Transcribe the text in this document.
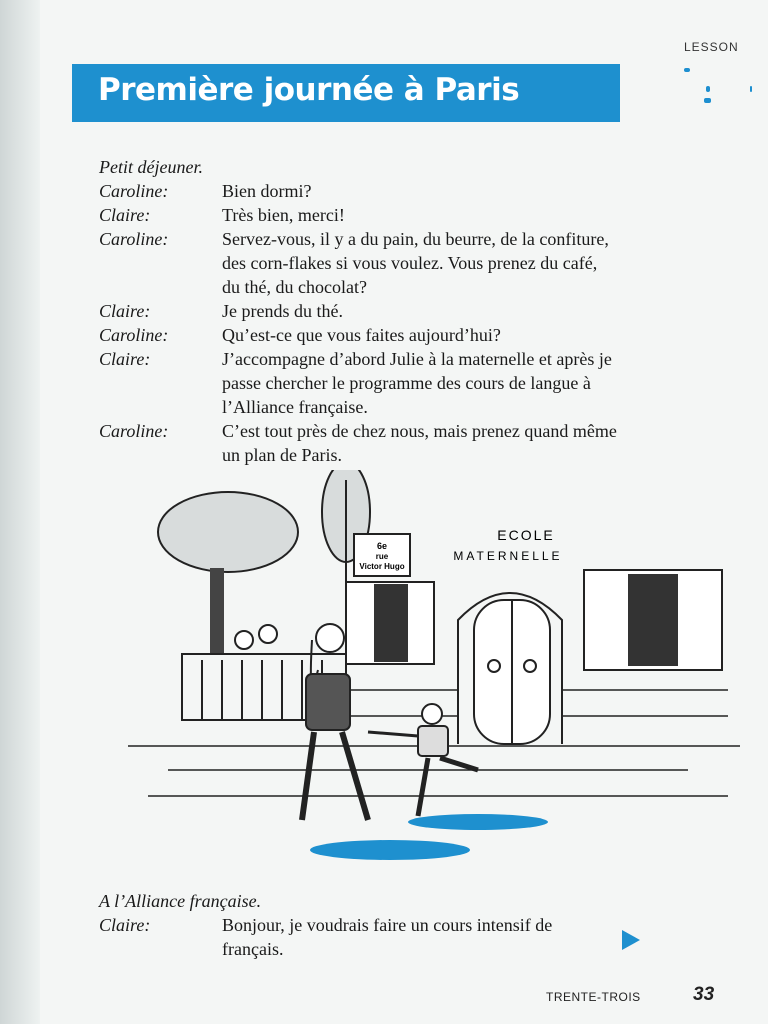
LESSON
Première journée à Paris
Petit déjeuner.
Caroline:	Bien dormi?
Claire:	Très bien, merci!
Caroline:	Servez-vous, il y a du pain, du beurre, de la confiture, des corn-flakes si vous voulez. Vous prenez du café, du thé, du chocolat?
Claire:	Je prends du thé.
Caroline:	Qu’est-ce que vous faites aujourd’hui?
Claire:	J’accompagne d’abord Julie à la maternelle et après je passe chercher le programme des cours de langue à l’Alliance française.
Caroline:	C’est tout près de chez nous, mais prenez quand même un plan de Paris.
6e
rue
Victor Hugo
ECOLE
MATERNELLE
A l’Alliance française.
Claire:	Bonjour, je voudrais faire un cours intensif de français.
TRENTE-TROIS	33
